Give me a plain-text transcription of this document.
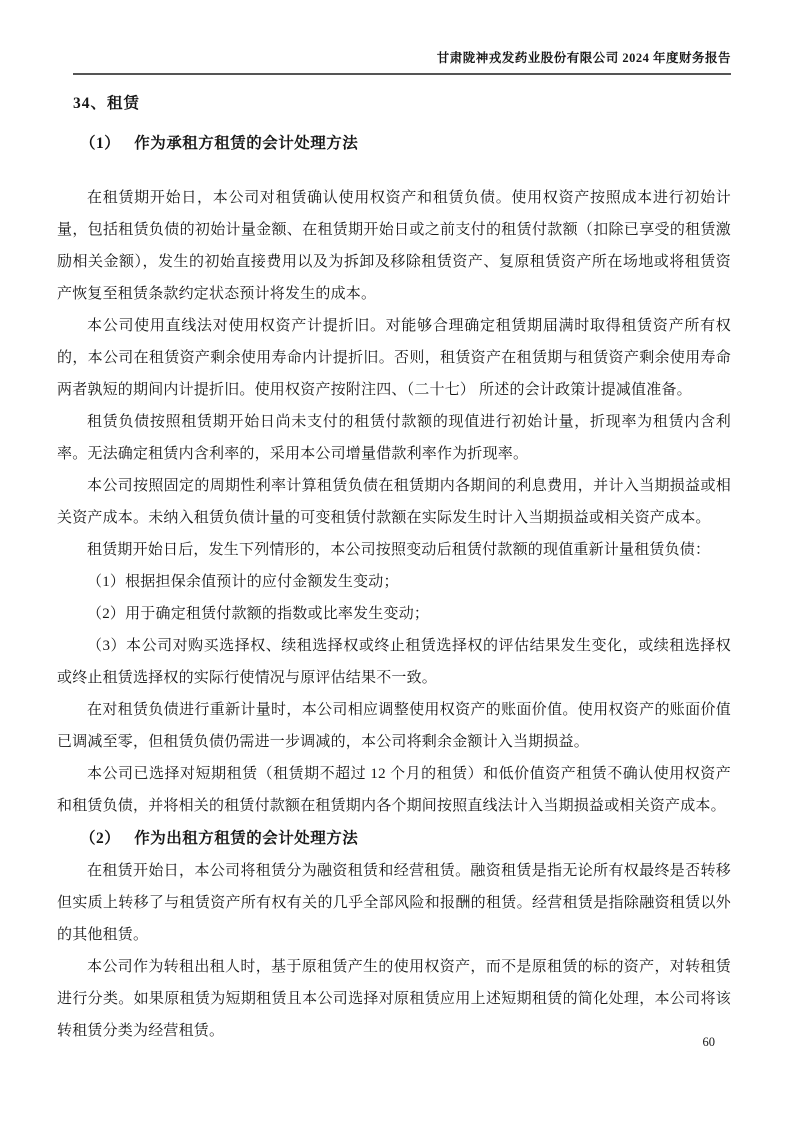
甘肃陇神戎发药业股份有限公司 2024 年度财务报告
34、租赁
（1） 作为承租方租赁的会计处理方法

在租赁期开始日，本公司对租赁确认使用权资产和租赁负债。使用权资产按照成本进行初始计量，包括租赁负债的初始计量金额、在租赁期开始日或之前支付的租赁付款额（扣除已享受的租赁激励相关金额），发生的初始直接费用以及为拆卸及移除租赁资产、复原租赁资产所在场地或将租赁资产恢复至租赁条款约定状态预计将发生的成本。

本公司使用直线法对使用权资产计提折旧。对能够合理确定租赁期届满时取得租赁资产所有权的，本公司在租赁资产剩余使用寿命内计提折旧。否则，租赁资产在租赁期与租赁资产剩余使用寿命两者孰短的期间内计提折旧。使用权资产按附注四、（二十七） 所述的会计政策计提减值准备。

租赁负债按照租赁期开始日尚未支付的租赁付款额的现值进行初始计量，折现率为租赁内含利率。无法确定租赁内含利率的，采用本公司增量借款利率作为折现率。

本公司按照固定的周期性利率计算租赁负债在租赁期内各期间的利息费用，并计入当期损益或相关资产成本。未纳入租赁负债计量的可变租赁付款额在实际发生时计入当期损益或相关资产成本。

租赁期开始日后，发生下列情形的，本公司按照变动后租赁付款额的现值重新计量租赁负债：

（1）根据担保余值预计的应付金额发生变动；

（2）用于确定租赁付款额的指数或比率发生变动；

（3）本公司对购买选择权、续租选择权或终止租赁选择权的评估结果发生变化，或续租选择权或终止租赁选择权的实际行使情况与原评估结果不一致。

在对租赁负债进行重新计量时，本公司相应调整使用权资产的账面价值。使用权资产的账面价值已调减至零，但租赁负债仍需进一步调减的，本公司将剩余金额计入当期损益。

本公司已选择对短期租赁（租赁期不超过 12 个月的租赁）和低价值资产租赁不确认使用权资产和租赁负债，并将相关的租赁付款额在租赁期内各个期间按照直线法计入当期损益或相关资产成本。

（2） 作为出租方租赁的会计处理方法

在租赁开始日，本公司将租赁分为融资租赁和经营租赁。融资租赁是指无论所有权最终是否转移但实质上转移了与租赁资产所有权有关的几乎全部风险和报酬的租赁。经营租赁是指除融资租赁以外的其他租赁。

本公司作为转租出租人时，基于原租赁产生的使用权资产，而不是原租赁的标的资产，对转租赁进行分类。如果原租赁为短期租赁且本公司选择对原租赁应用上述短期租赁的简化处理，本公司将该转租赁分类为经营租赁。

60
